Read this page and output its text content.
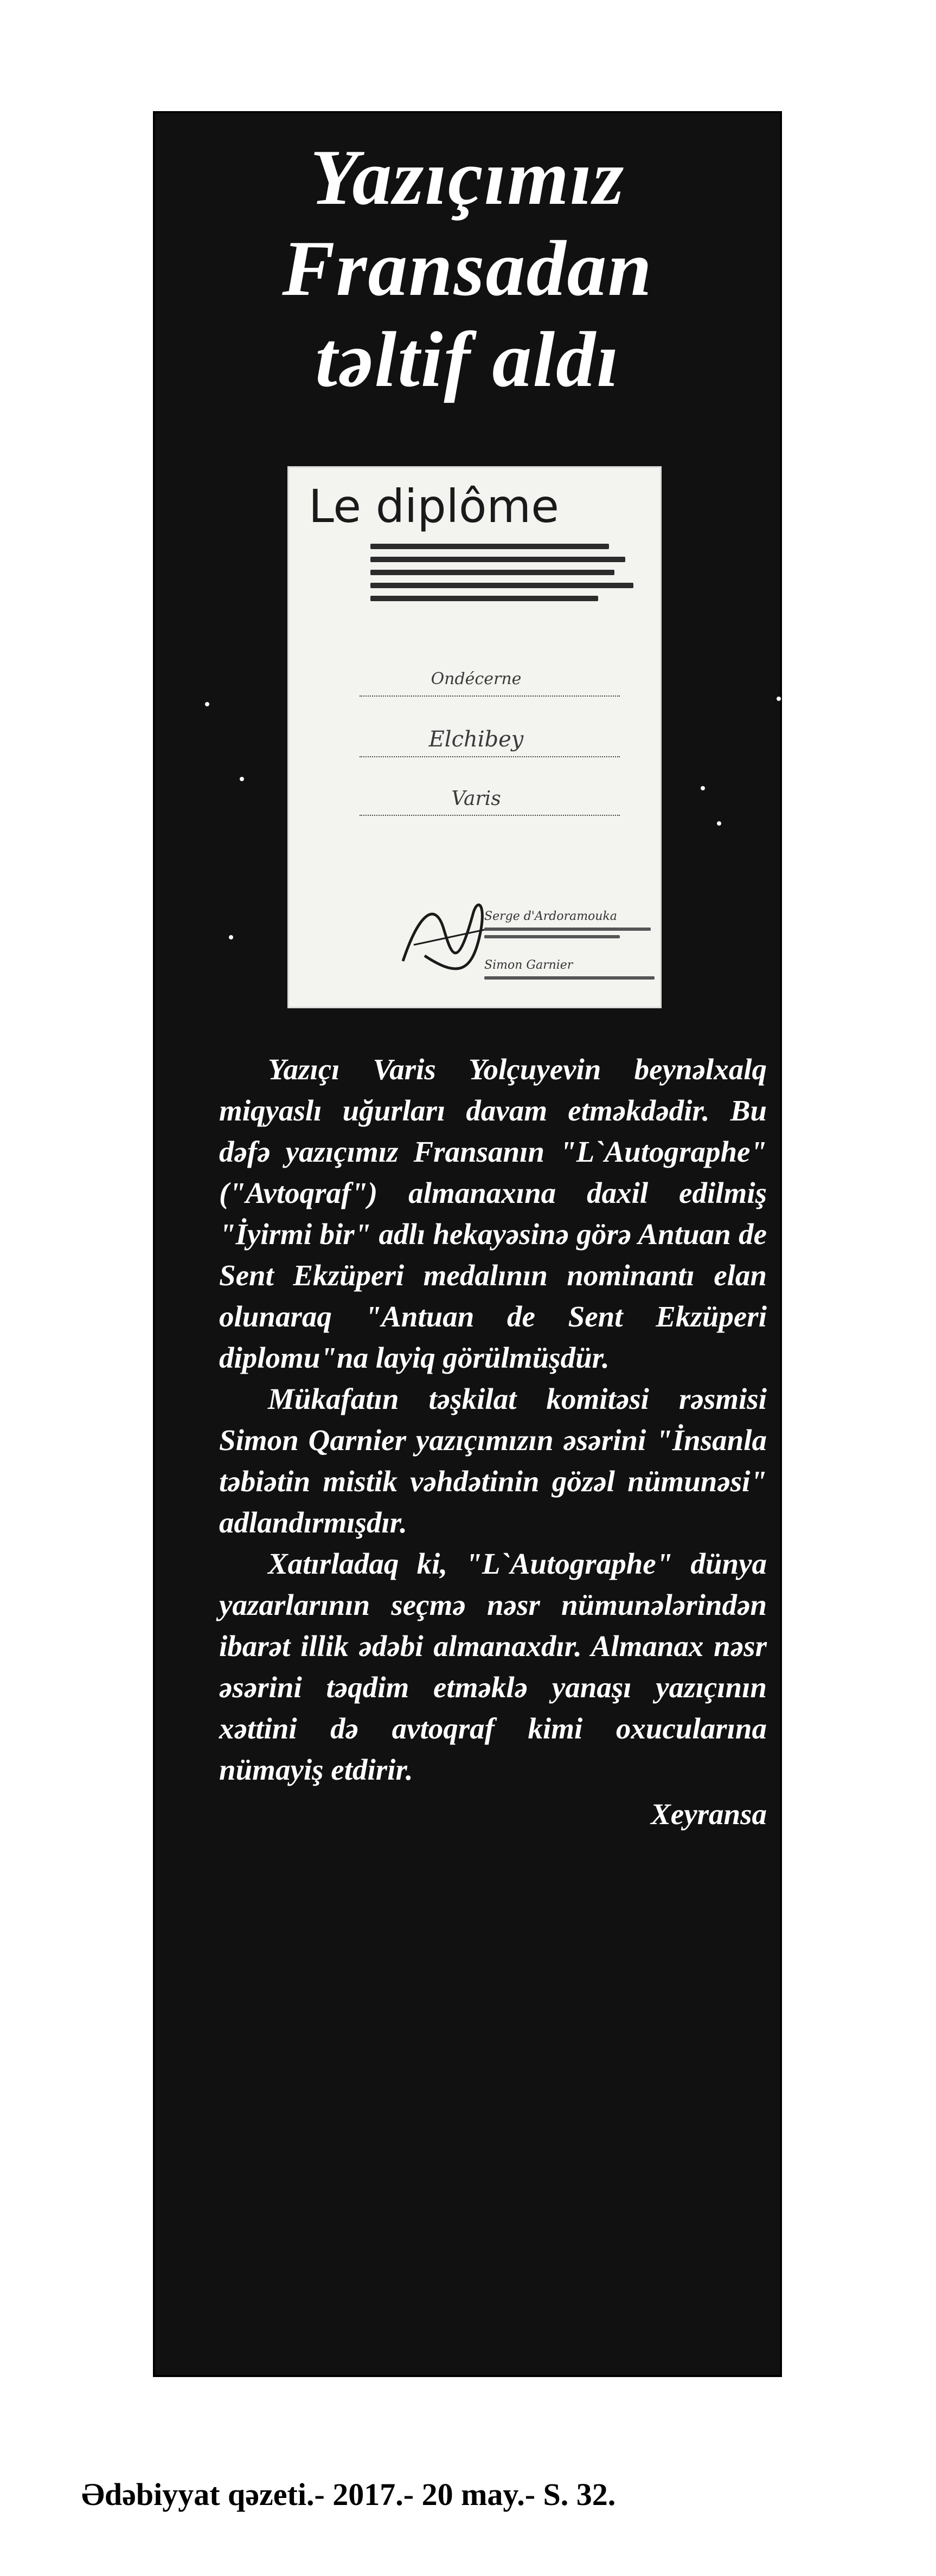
Yazıçımız
Fransadan
təltif aldı
Le diplôme
Ondécerne
Elchibey
Varis
Serge d'Ardoramouka
Simon Garnier

Yazıçı Varis Yolçuyevin beynəlxalq miqyaslı uğurları davam etməkdədir. Bu dəfə yazıçımız Fransanın "L`Autographe" ("Avtoqraf") almanaxına daxil edilmiş "İyirmi bir" adlı hekayəsinə görə Antuan de Sent Ekzüperi medalının nominantı elan olunaraq "Antuan de Sent Ekzüperi diplomu"na layiq görülmüşdür.

Mükafatın təşkilat komitəsi rəsmisi Simon Qarnier yazıçımızın əsərini "İnsanla təbiətin mistik vəhdətinin gözəl nümunəsi" adlandırmışdır.

Xatırladaq ki, "L`Autographe" dünya yazarlarının seçmə nəsr nümunələrindən ibarət illik ədəbi almanaxdır. Almanax nəsr əsərini təqdim etməklə yanaşı yazıçının xəttini də avtoqraf kimi oxucularına nümayiş etdirir.

Xeyransa

Ədəbiyyat qəzeti.- 2017.- 20 may.- S. 32.
